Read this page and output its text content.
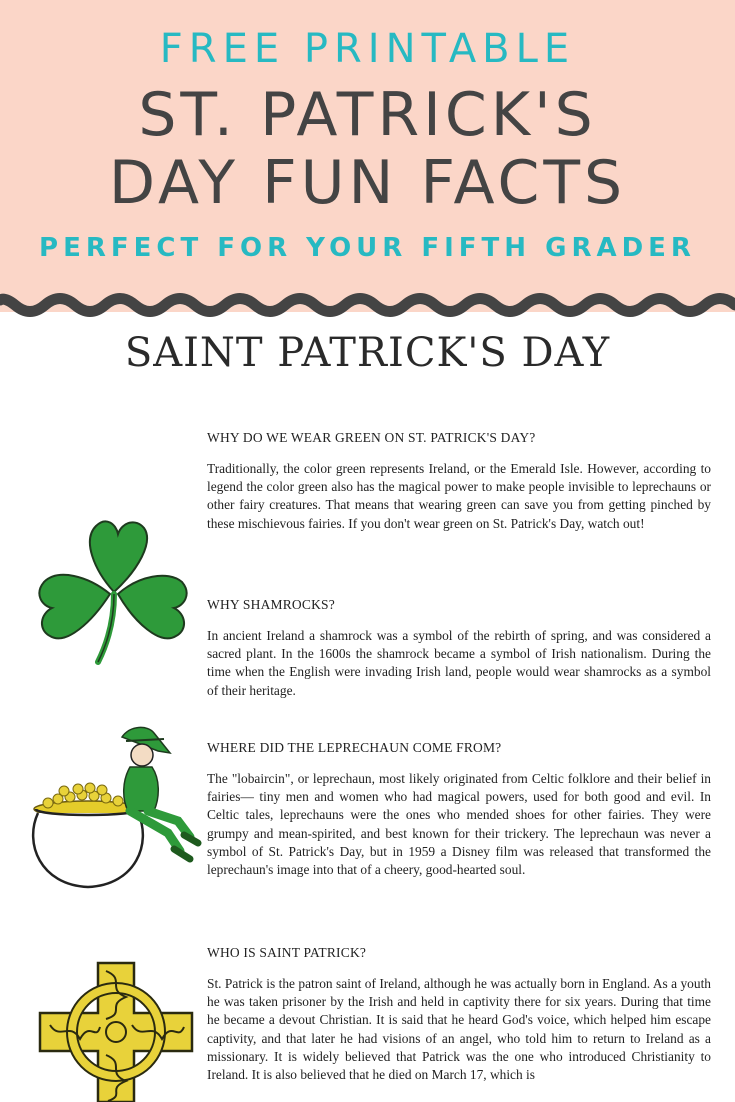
FREE PRINTABLE
ST. PATRICK'S
DAY FUN FACTS
PERFECT FOR YOUR FIFTH GRADER
SAINT PATRICK'S DAY
WHY DO WE WEAR GREEN ON ST. PATRICK'S DAY?

Traditionally, the color green represents Ireland, or the Emerald Isle. However, according to legend the color green also has the magical power to make people invisible to leprechauns or other fairy creatures. That means that wearing green can save you from getting pinched by these mischievous fairies. If you don't wear green on St. Patrick's Day, watch out!

WHY SHAMROCKS?

In ancient Ireland a shamrock was a symbol of the rebirth of spring, and was considered a sacred plant. In the 1600s the shamrock became a symbol of Irish nationalism. During the time when the English were invading Irish land, people would wear shamrocks as a symbol of their heritage.

WHERE DID THE LEPRECHAUN COME FROM?

The "lobaircin", or leprechaun, most likely originated from Celtic folklore and their belief in fairies— tiny men and women who had magical powers, used for both good and evil. In Celtic tales, leprechauns were the ones who mended shoes for other fairies. They were grumpy and mean-spirited, and best known for their trickery. The leprechaun was never a symbol of St. Patrick's Day, but in 1959 a Disney film was released that transformed the leprechaun's image into that of a cheery, good-hearted soul.

WHO IS SAINT PATRICK?

St. Patrick is the patron saint of Ireland, although he was actually born in England. As a youth he was taken prisoner by the Irish and held in captivity there for six years. During that time he became a devout Christian. It is said that he heard God's voice, which helped him escape captivity, and that later he had visions of an angel, who told him to return to Ireland as a missionary. It is widely believed that Patrick was the one who introduced Christianity to Ireland. It is also believed that he died on March 17, which is
